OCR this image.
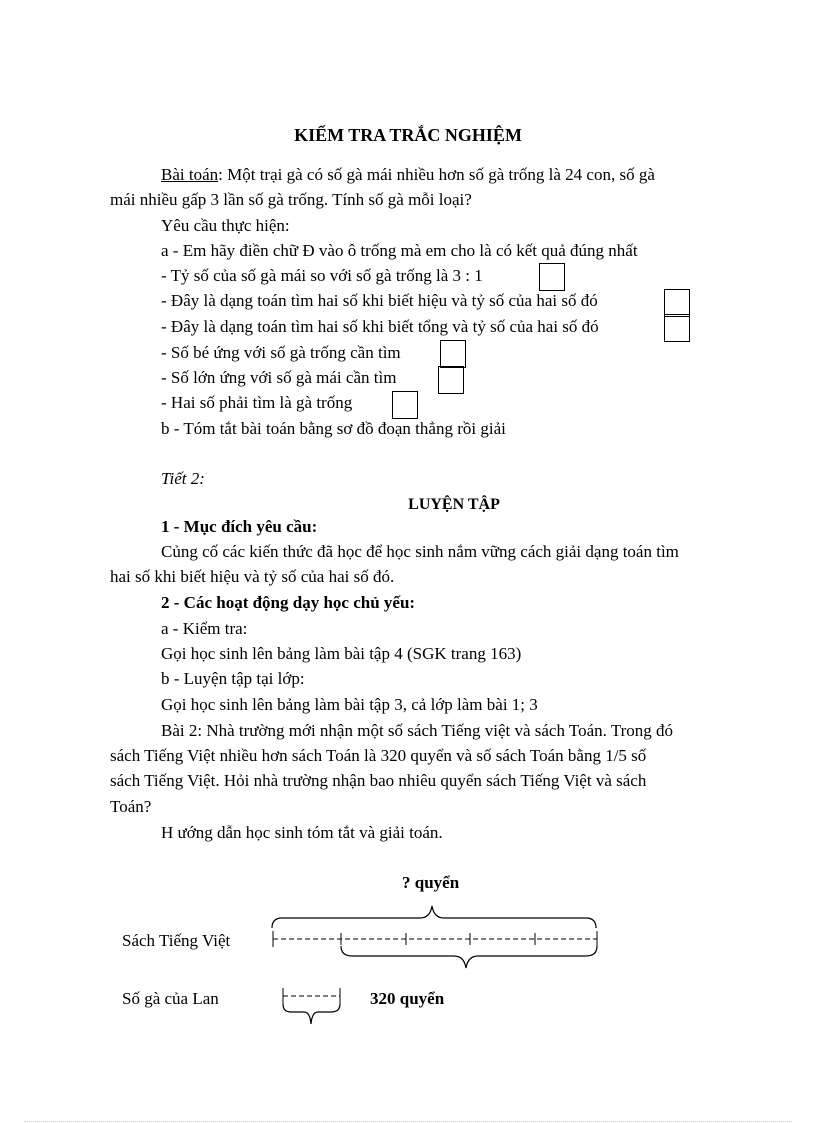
KIỂM TRA TRẮC NGHIỆM
Bài toán: Một trại gà có số gà mái nhiều hơn số gà trống là 24 con, số gà
mái nhiều gấp 3 lần số gà trống. Tính số gà mỗi loại?
Yêu cầu thực hiện:
a - Em hãy điền chữ Đ vào ô trống mà em cho là có kết quả đúng nhất
- Tỷ số của số gà mái so với số gà trống là 3 : 1
- Đây là dạng toán tìm hai số khi biết hiệu và tỷ số của hai số đó
- Đây là dạng toán tìm hai số khi biết tổng và tỷ số của hai số đó
- Số bé ứng với số gà trống cần tìm
- Số lớn ứng với số gà mái cần tìm
- Hai số phải tìm là gà trống
b - Tóm tắt bài toán bằng sơ đồ đoạn thẳng rồi giải
Tiết 2:
LUYỆN TẬP
1 - Mục đích yêu cầu:
Củng cố các kiến thức đã học để học sinh nắm vững cách giải dạng toán tìm
hai số khi biết hiệu và tỷ số của hai số đó.
2 - Các hoạt động dạy học chủ yếu:
a - Kiểm tra:
Gọi học sinh lên bảng làm bài tập 4 (SGK trang 163)
b - Luyện tập tại lớp:
Gọi học sinh lên bảng làm bài tập 3, cả lớp làm bài 1; 3
Bài 2: Nhà trường mới nhận một số sách Tiếng việt và sách Toán. Trong đó
sách Tiếng Việt nhiều hơn sách Toán là 320 quyển và số sách Toán bằng 1/5 số
sách Tiếng Việt. Hỏi nhà trường nhận bao nhiêu quyển sách Tiếng Việt và sách
Toán?
H ướng dẫn học sinh tóm tắt và giải toán.
? quyển
Sách Tiếng Việt
Số gà của Lan	320 quyển
